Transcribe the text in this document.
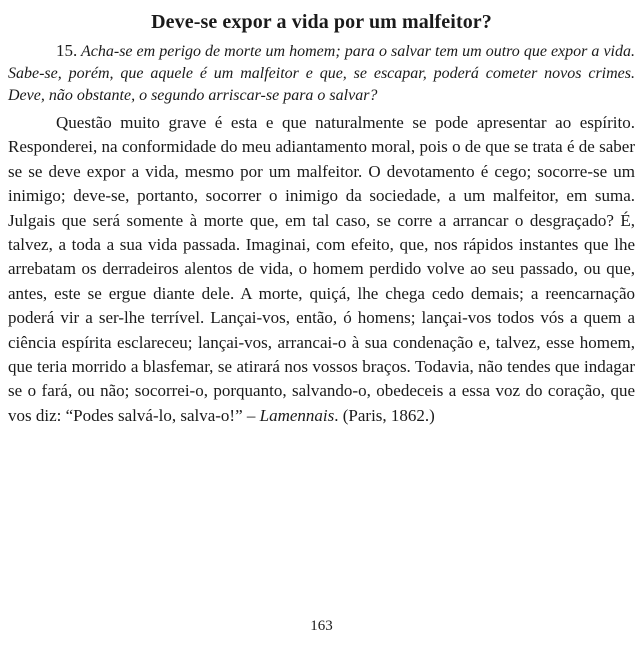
Deve-se expor a vida por um malfeitor?

15. Acha-se em perigo de morte um homem; para o salvar tem um outro que expor a vida. Sabe-se, porém, que aquele é um malfeitor e que, se escapar, poderá cometer novos crimes. Deve, não obstante, o segundo arriscar-se para o salvar?

Questão muito grave é esta e que naturalmente se pode apresentar ao espírito. Responderei, na conformidade do meu adiantamento moral, pois o de que se trata é de saber se se deve expor a vida, mesmo por um malfeitor. O devotamento é cego; socorre-se um inimigo; deve-se, portanto, socorrer o inimigo da sociedade, a um malfeitor, em suma. Julgais que será somente à morte que, em tal caso, se corre a arrancar o desgraçado? É, talvez, a toda a sua vida passada. Imaginai, com efeito, que, nos rápidos instantes que lhe arrebatam os derradeiros alentos de vida, o homem perdido volve ao seu passado, ou que, antes, este se ergue diante dele. A morte, quiçá, lhe chega cedo demais; a reencarnação poderá vir a ser-lhe terrível. Lançai-vos, então, ó homens; lançai-vos todos vós a quem a ciência espírita esclareceu; lançai-vos, arrancai-o à sua condenação e, talvez, esse homem, que teria morrido a blasfemar, se atirará nos vossos braços. Todavia, não tendes que indagar se o fará, ou não; socorrei-o, porquanto, salvando-o, obedeceis a essa voz do coração, que vos diz: “Podes salvá-lo, salva-o!” – Lamennais. (Paris, 1862.)

163
